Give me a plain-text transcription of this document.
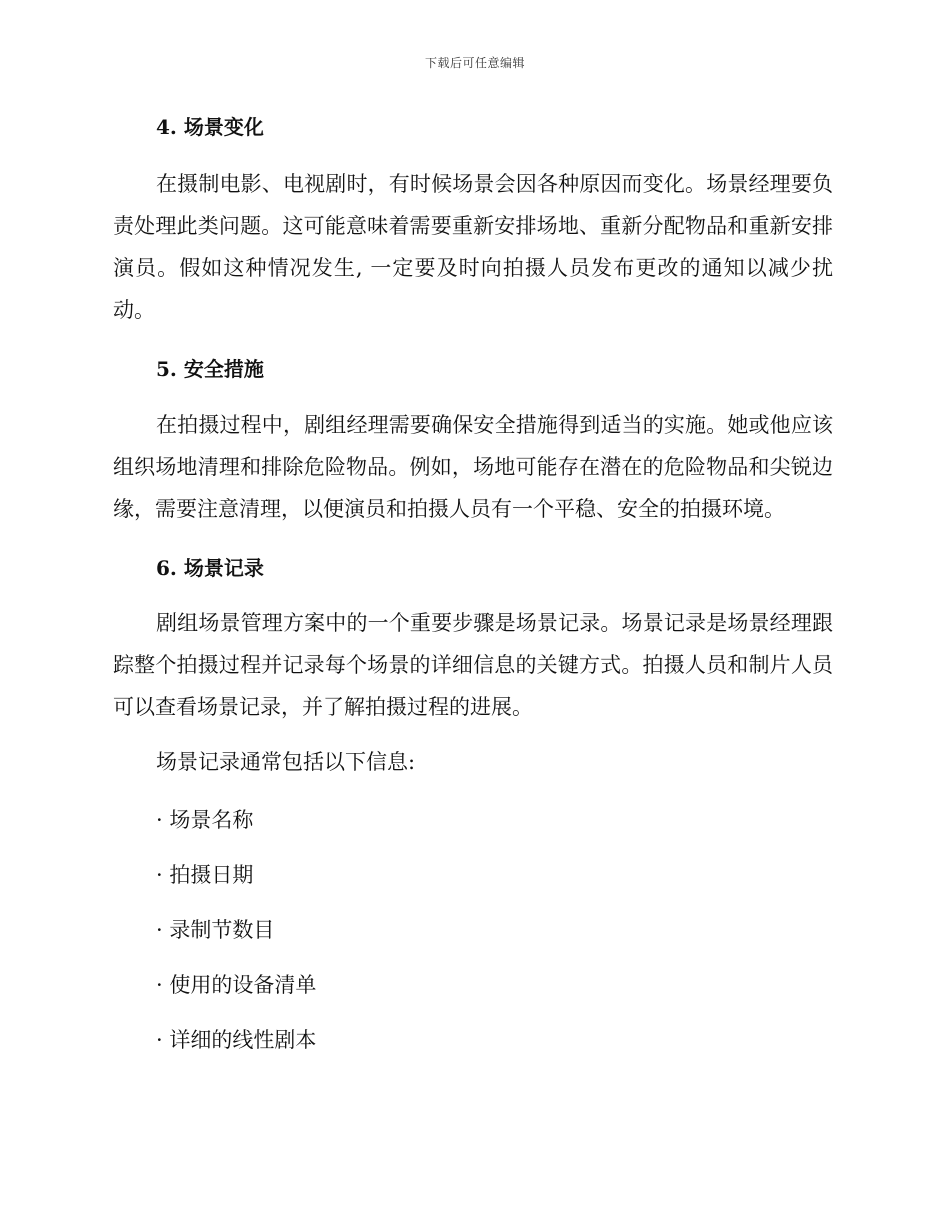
下载后可任意编辑
4. 场景变化

在摄制电影、电视剧时，有时候场景会因各种原因而变化。场景经理要负责处理此类问题。这可能意味着需要重新安排场地、重新分配物品和重新安排演员。假如这种情况发生, 一定要及时向拍摄人员发布更改的通知以减少扰动。

5. 安全措施

在拍摄过程中，剧组经理需要确保安全措施得到适当的实施。她或他应该组织场地清理和排除危险物品。例如，场地可能存在潜在的危险物品和尖锐边缘，需要注意清理，以便演员和拍摄人员有一个平稳、安全的拍摄环境。

6. 场景记录

剧组场景管理方案中的一个重要步骤是场景记录。场景记录是场景经理跟踪整个拍摄过程并记录每个场景的详细信息的关键方式。拍摄人员和制片人员可以查看场景记录，并了解拍摄过程的进展。

场景记录通常包括以下信息:

· 场景名称

· 拍摄日期

· 录制节数目

· 使用的设备清单

· 详细的线性剧本
